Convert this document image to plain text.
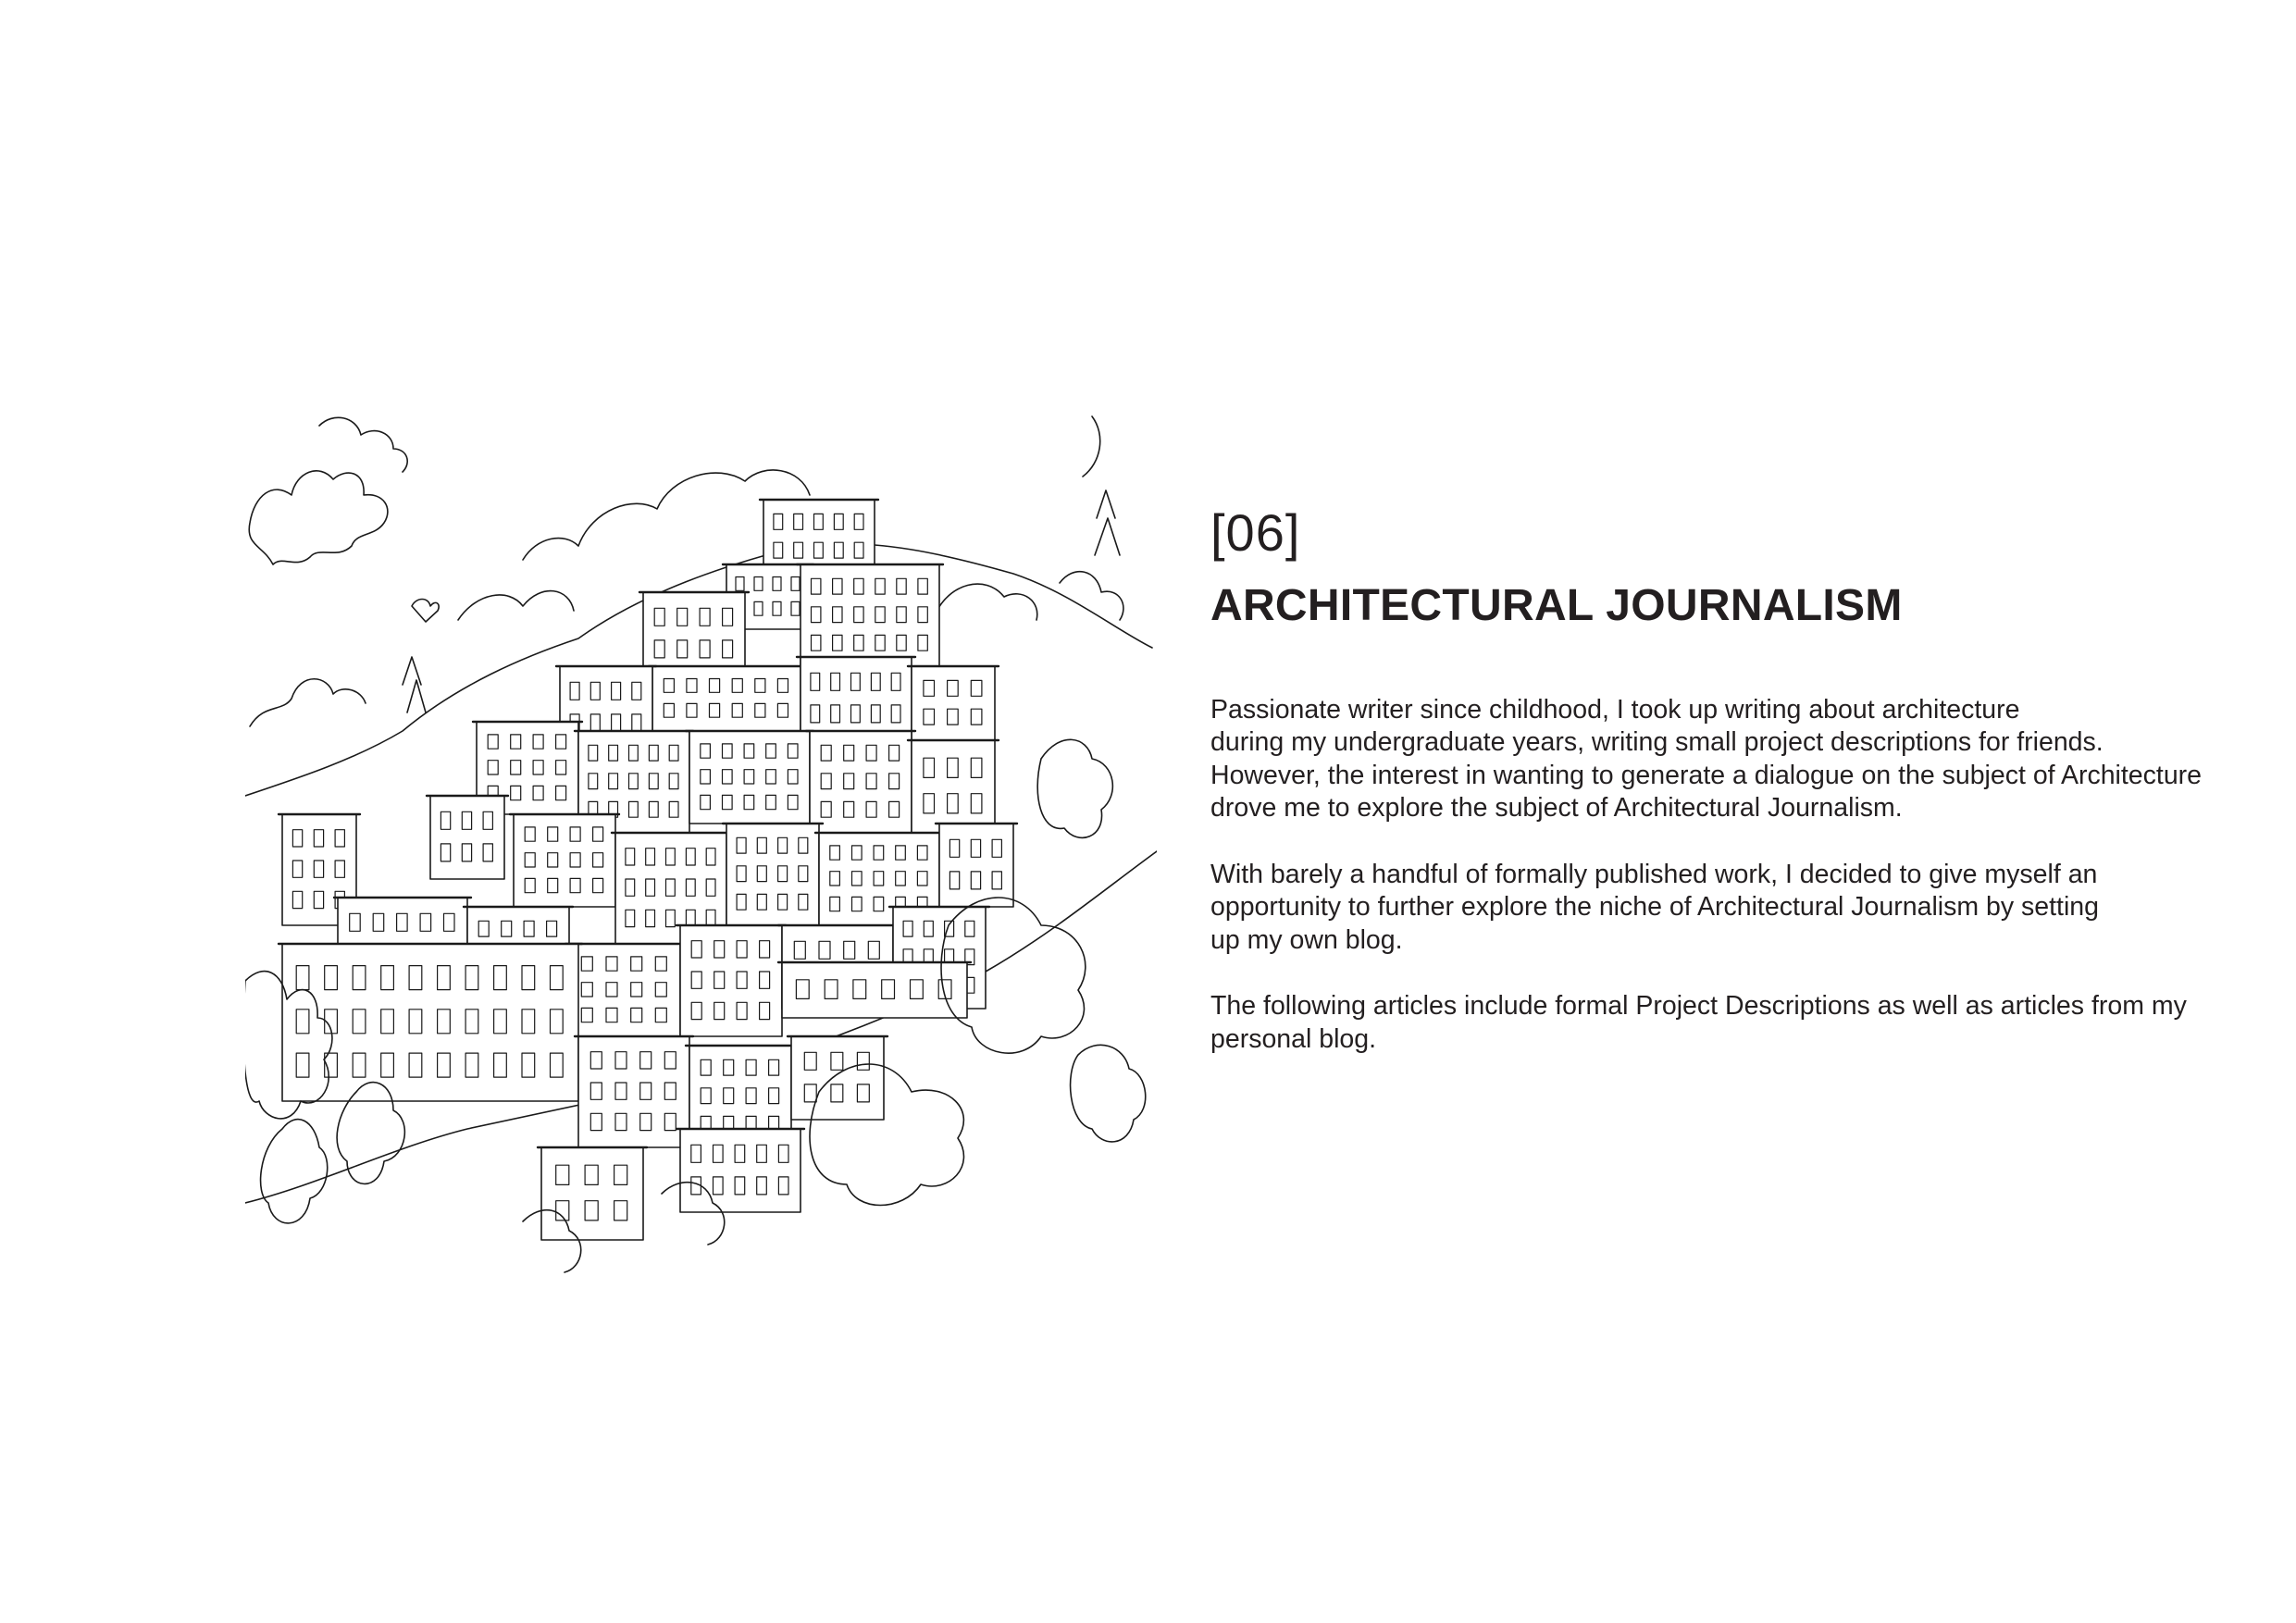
[06]
ARCHITECTURAL JOURNALISM

Passionate writer since childhood, I took up writing about architecture
during my undergraduate years, writing small project descriptions for friends.
However, the interest in wanting to generate a dialogue on the subject of Architecture
drove me to explore the subject of Architectural Journalism.

With barely a handful of formally published work, I decided to give myself an
opportunity to further explore the niche of Architectural Journalism by setting
up my own blog.

The following articles include formal Project Descriptions as well as articles from my
personal blog.
